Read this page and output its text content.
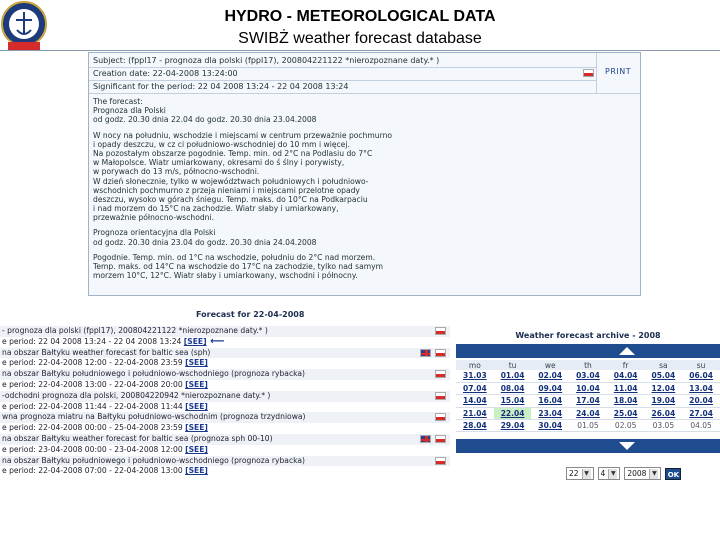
HYDRO - METEOROLOGICAL DATA
SWIBŻ weather forecast database
Subject: (fppl17 - prognoza dla polski (fppl17), 200804221122 *nierozpoznane daty.* )
Creation date: 22-04-2008 13:24:00
Significant for the period: 22 04 2008 13:24 - 22 04 2008 13:24
PRINT
The forecast:
Prognoza dla Polski
od godz. 20.30 dnia 22.04 do godz. 20.30 dnia 23.04.2008
W nocy na południu, wschodzie i miejscami w centrum przeważnie pochmurno
i opady deszczu, w cz ci południowo-wschodniej do 10 mm i więcej.
Na pozostałym obszarze pogodnie. Temp. min. od 2°C na Podlasiu do 7°C
w Małopolsce. Wiatr umiarkowany, okresami do ś ślny i porywisty,
w porywach do 13 m/s, północno-wschodni.
W dzień słonecznie, tylko w województwach południowych i południowo-
wschodnich pochmurno z przeja nieniami i miejscami przelotne opady
deszczu, wysoko w górach śniegu. Temp. maks. do 10°C na Podkarpaciu
i nad morzem do 15°C na zachodzie. Wiatr słaby i umiarkowany,
przeważnie północno-wschodni.
Prognoza orientacyjna dla Polski
od godz. 20.30 dnia 23.04 do godz. 20.30 dnia 24.04.2008
Pogodnie. Temp. min. od 1°C na wschodzie, południu do 2°C nad morzem.
Temp. maks. od 14°C na wschodzie do 17°C na zachodzie, tylko nad samym
morzem 10°C, 12°C. Wiatr słaby i umiarkowany, wschodni i północny.
Forecast for 22-04-2008
- prognoza dla polski (fppl17), 200804221122 *nierozpoznane daty.* )
e period: 22 04 2008 13:24 - 22 04 2008 13:24 [SEE] ⟵
na obszar Bałtyku weather forecast for baltic sea (sph)
e period: 22-04-2008 12:00 - 22-04-2008 23:59 [SEE]
na obszar Bałtyku południowego i południowo-wschodniego (prognoza rybacka)
e period: 22-04-2008 13:00 - 22-04-2008 20:00 [SEE]
-odchodni prognoza dla polski, 200804220942 *nierozpoznane daty.* )
e period: 22-04-2008 11:44 - 22-04-2008 11:44 [SEE]
wna prognoza miatru na Bałtyku południowo-wschodnim (prognoza trzydniowa)
e period: 22-04-2008 00:00 - 25-04-2008 23:59 [SEE]
na obszar Bałtyku weather forecast for baltic sea (prognoza sph 00-10)
e period: 23-04-2008 00:00 - 23-04-2008 12:00 [SEE]
na obszar Bałtyku południowego i południowo-wschodniego (prognoza rybacka)
e period: 22-04-2008 07:00 - 22-04-2008 13:00 [SEE]
Weather forecast archive - 2008
mo	tu	we	th	fr	sa	su
31.03	01.04	02.04	03.04	04.04	05.04	06.04
07.04	08.04	09.04	10.04	11.04	12.04	13.04
14.04	15.04	16.04	17.04	18.04	19.04	20.04
21.04	22.04	23.04	24.04	25.04	26.04	27.04
28.04	29.04	30.04	01.05	02.05	03.05	04.05
22 ▼ 4 ▼ 2008 ▼	OK
